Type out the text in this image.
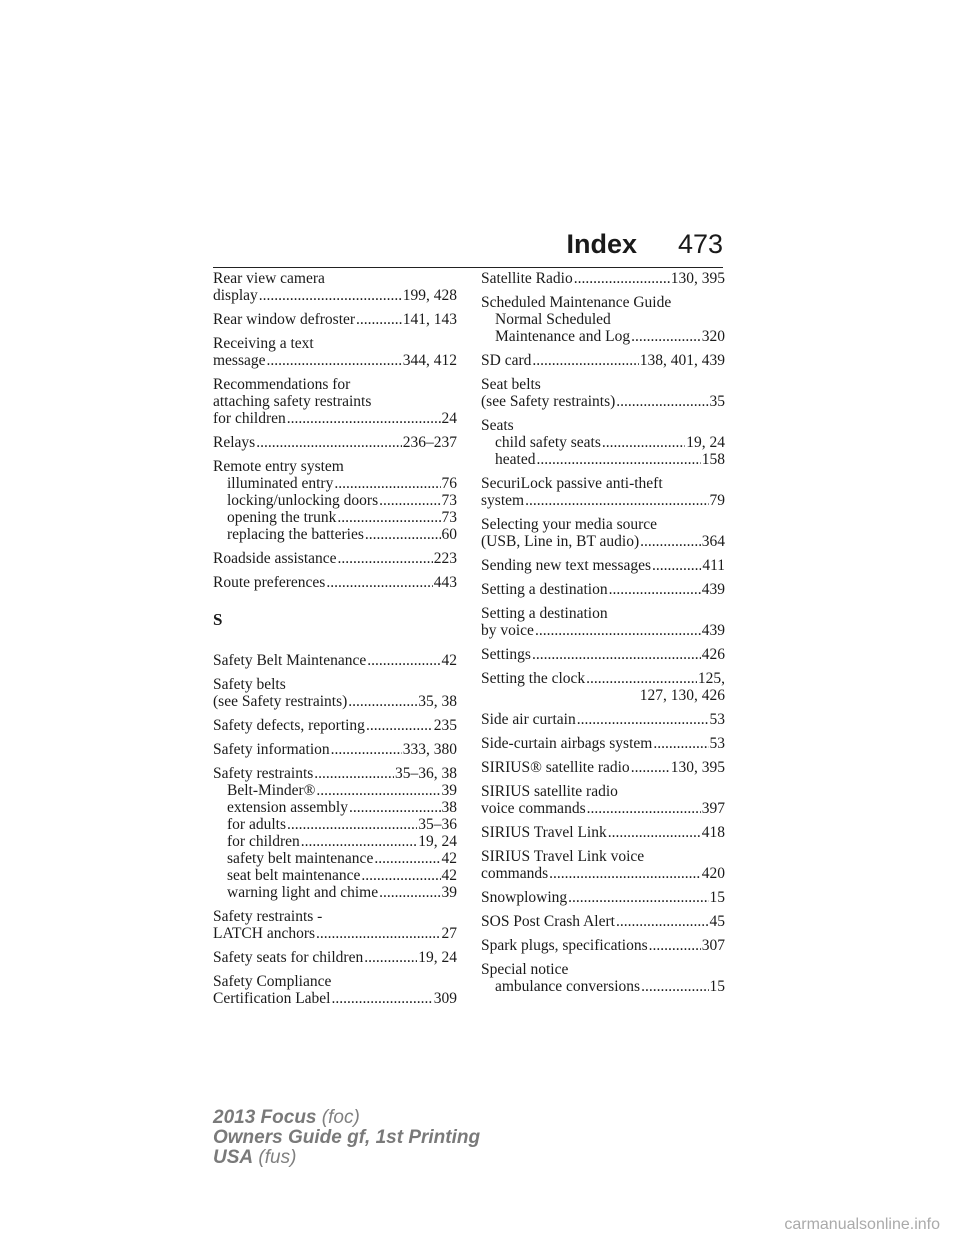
Index 473
Rear view camera
display .....	199, 428
Rear window defroster .....	141, 143
Receiving a text
message .....	344, 412
Recommendations for
attaching safety restraints
for children .....	24
Relays .....	236–237
Remote entry system
illuminated entry .....	76
locking/unlocking doors .....	73
opening the trunk .....	73
replacing the batteries .....	60
Roadside assistance .....	223
Route preferences .....	443
S
Safety Belt Maintenance .....	42
Safety belts
(see Safety restraints) .....	35, 38
Safety defects, reporting .....	235
Safety information .....	333, 380
Safety restraints .....	35–36, 38
Belt-Minder® .....	39
extension assembly .....	38
for adults .....	35–36
for children .....	19, 24
safety belt maintenance .....	42
seat belt maintenance .....	42
warning light and chime .....	39
Safety restraints -
LATCH anchors .....	27
Safety seats for children .....	19, 24
Safety Compliance
Certification Label .....	309
Satellite Radio .....	130, 395
Scheduled Maintenance Guide
Normal Scheduled
Maintenance and Log .....	320
SD card .....	138, 401, 439
Seat belts
(see Safety restraints) .....	35
Seats
child safety seats .....	19, 24
heated .....	158
SecuriLock passive anti-theft
system .....	79
Selecting your media source
(USB, Line in, BT audio) .....	364
Sending new text messages .....	411
Setting a destination .....	439
Setting a destination
by voice .....	439
Settings .....	426
Setting the clock .....	125,
127, 130, 426
Side air curtain .....	53
Side-curtain airbags system .....	53
SIRIUS® satellite radio .....	130, 395
SIRIUS satellite radio
voice commands .....	397
SIRIUS Travel Link .....	418
SIRIUS Travel Link voice
commands .....	420
Snowplowing .....	15
SOS Post Crash Alert .....	45
Spark plugs, specifications .....	307
Special notice
ambulance conversions .....	15
2013 Focus (foc)
Owners Guide gf, 1st Printing
USA (fus)
carmanualsonline.info
